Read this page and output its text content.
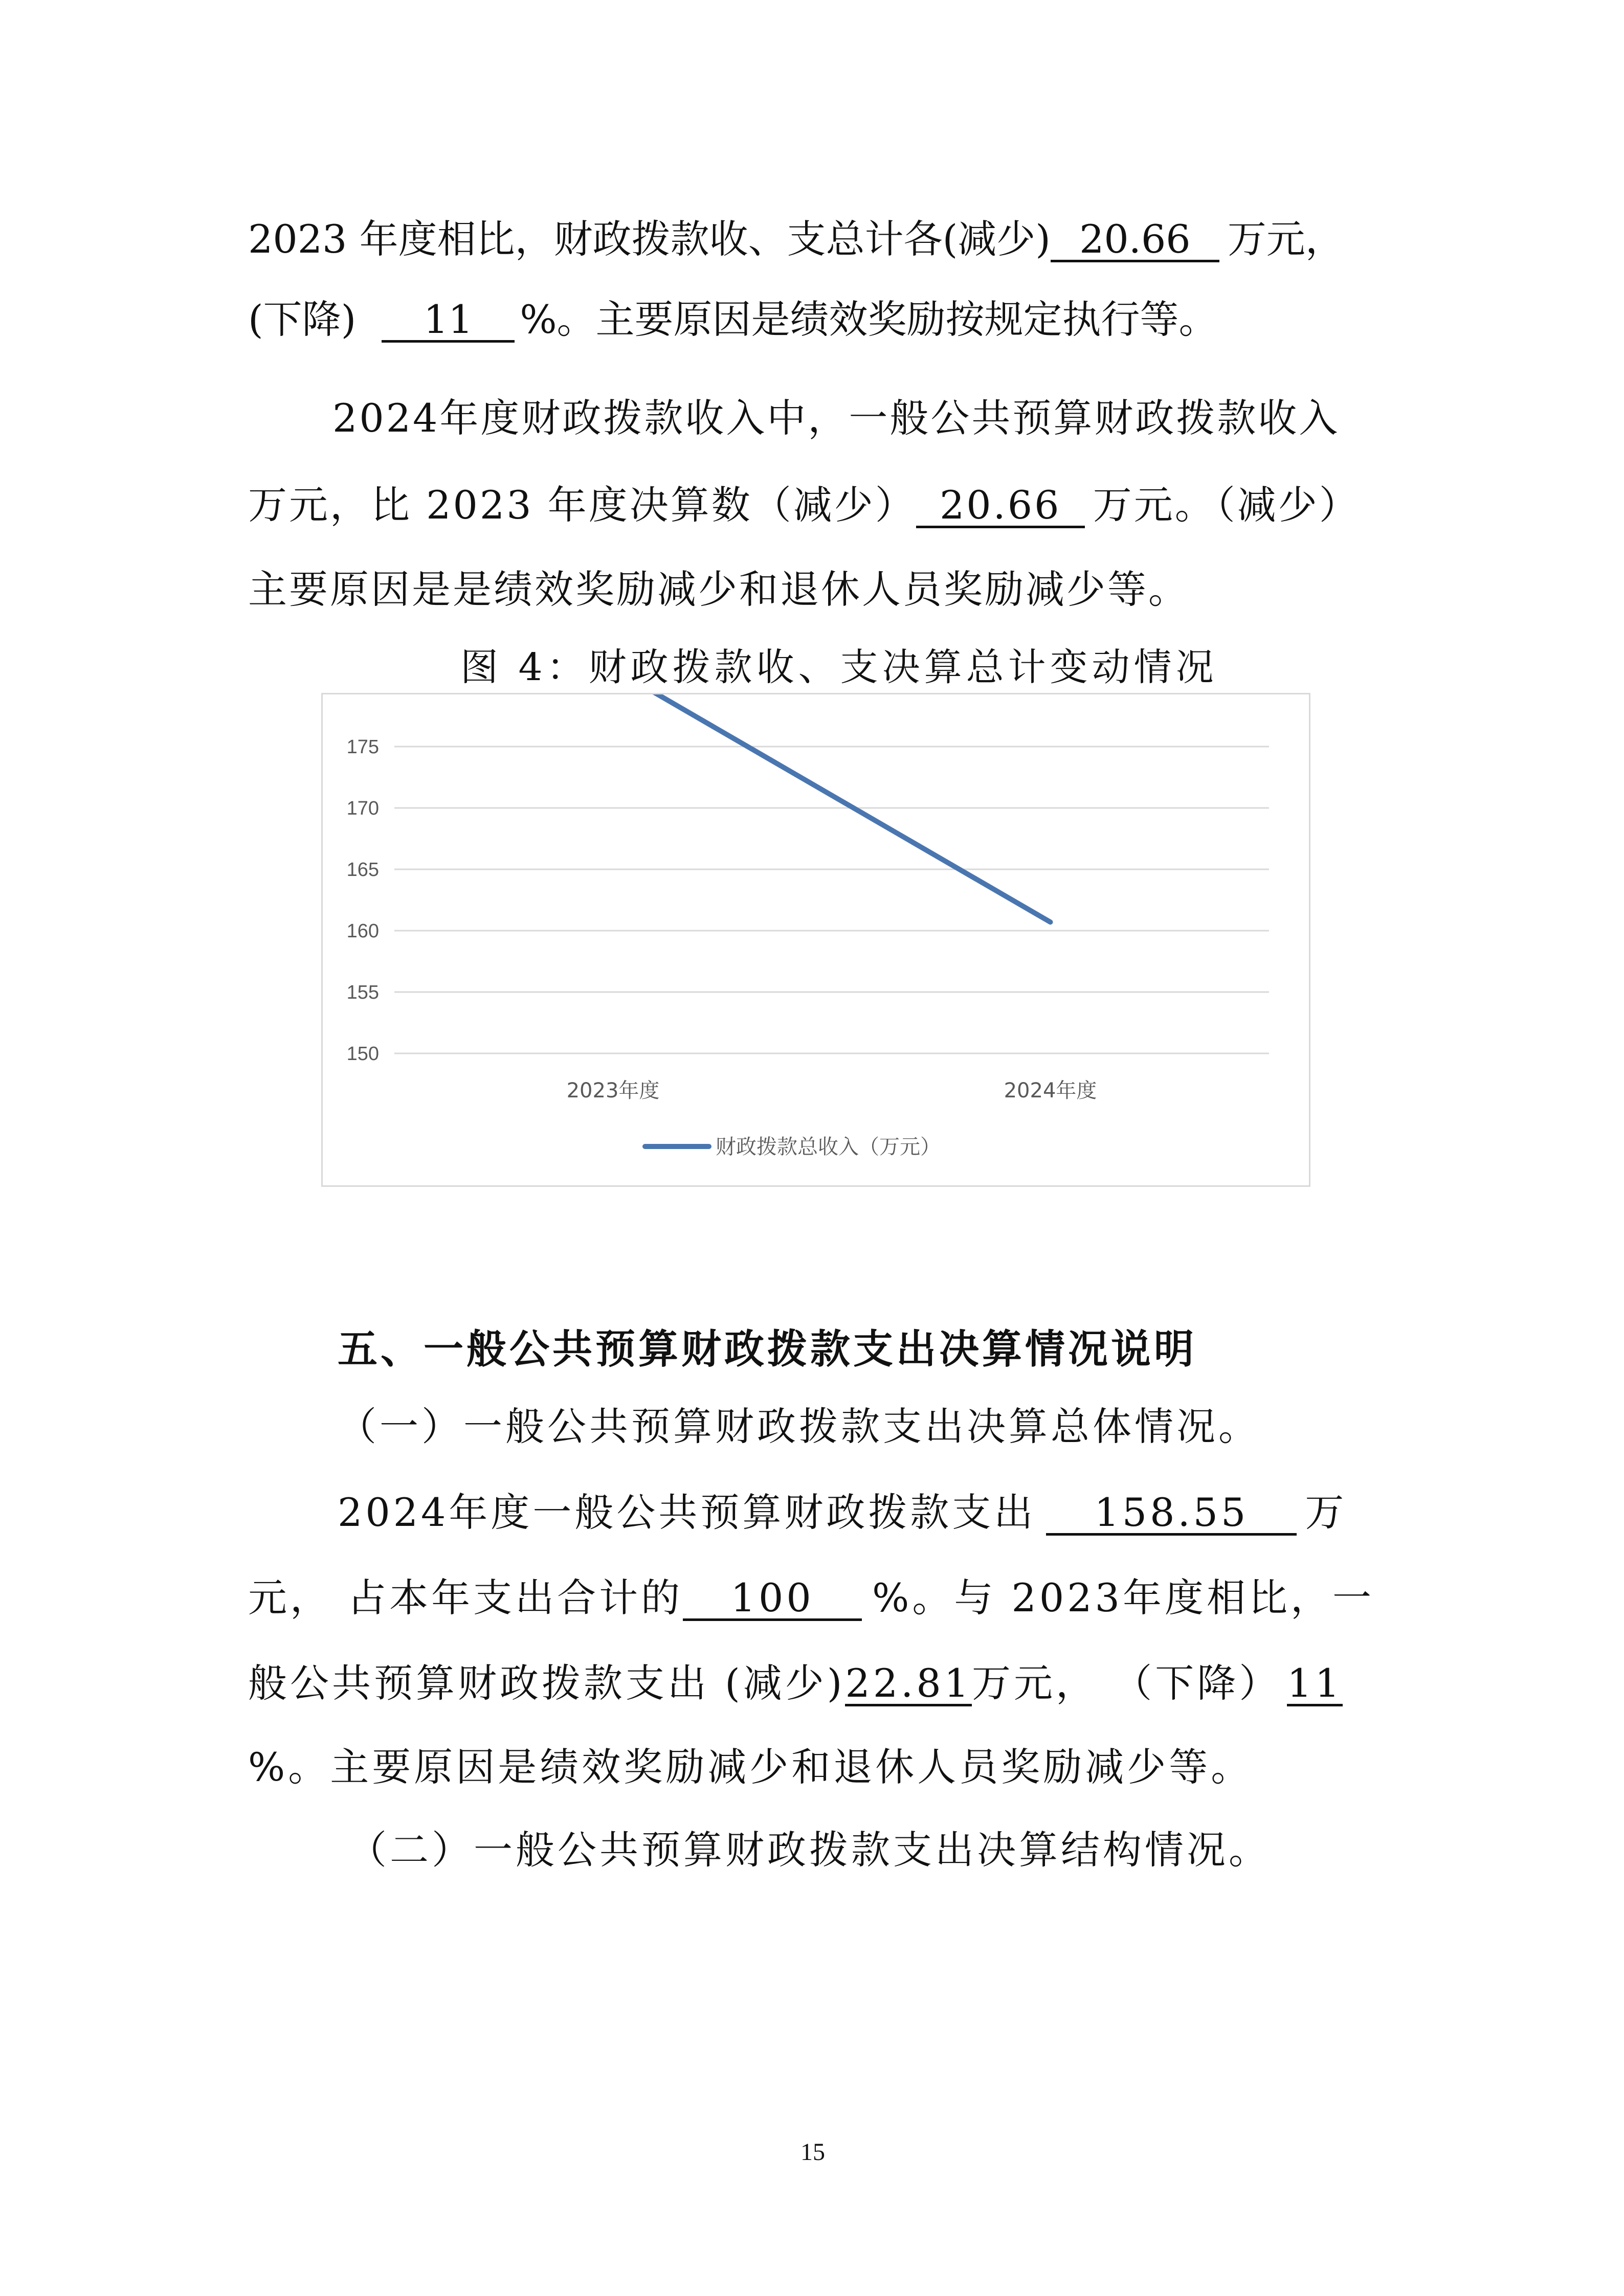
2023 年度相比，财政拨款收、支总计各(减少) 20.66 万元，
(下降) 11 %。主要原因是绩效奖励按规定执行等。
2024年度财政拨款收入中，一般公共预算财政拨款收入
万元，比 2023 年度决算数（减少） 20.66 万元。（减少）
主要原因是是绩效奖励减少和退休人员奖励减少等。
图 4：财政拨款收、支决算总计变动情况
150
155
160
165
170
175
2023年度	2024年度
财政拨款总收入（万元）
五、一般公共预算财政拨款支出决算情况说明
（一）一般公共预算财政拨款支出决算总体情况。
2024年度一般公共预算财政拨款支出 158.55 万
元， 占本年支出合计的 100 %。与 2023年度相比，一
般公共预算财政拨款支出 (减少)22.81万元， （下降） 11
%。主要原因是绩效奖励减少和退休人员奖励减少等。
（二）一般公共预算财政拨款支出决算结构情况。
15
